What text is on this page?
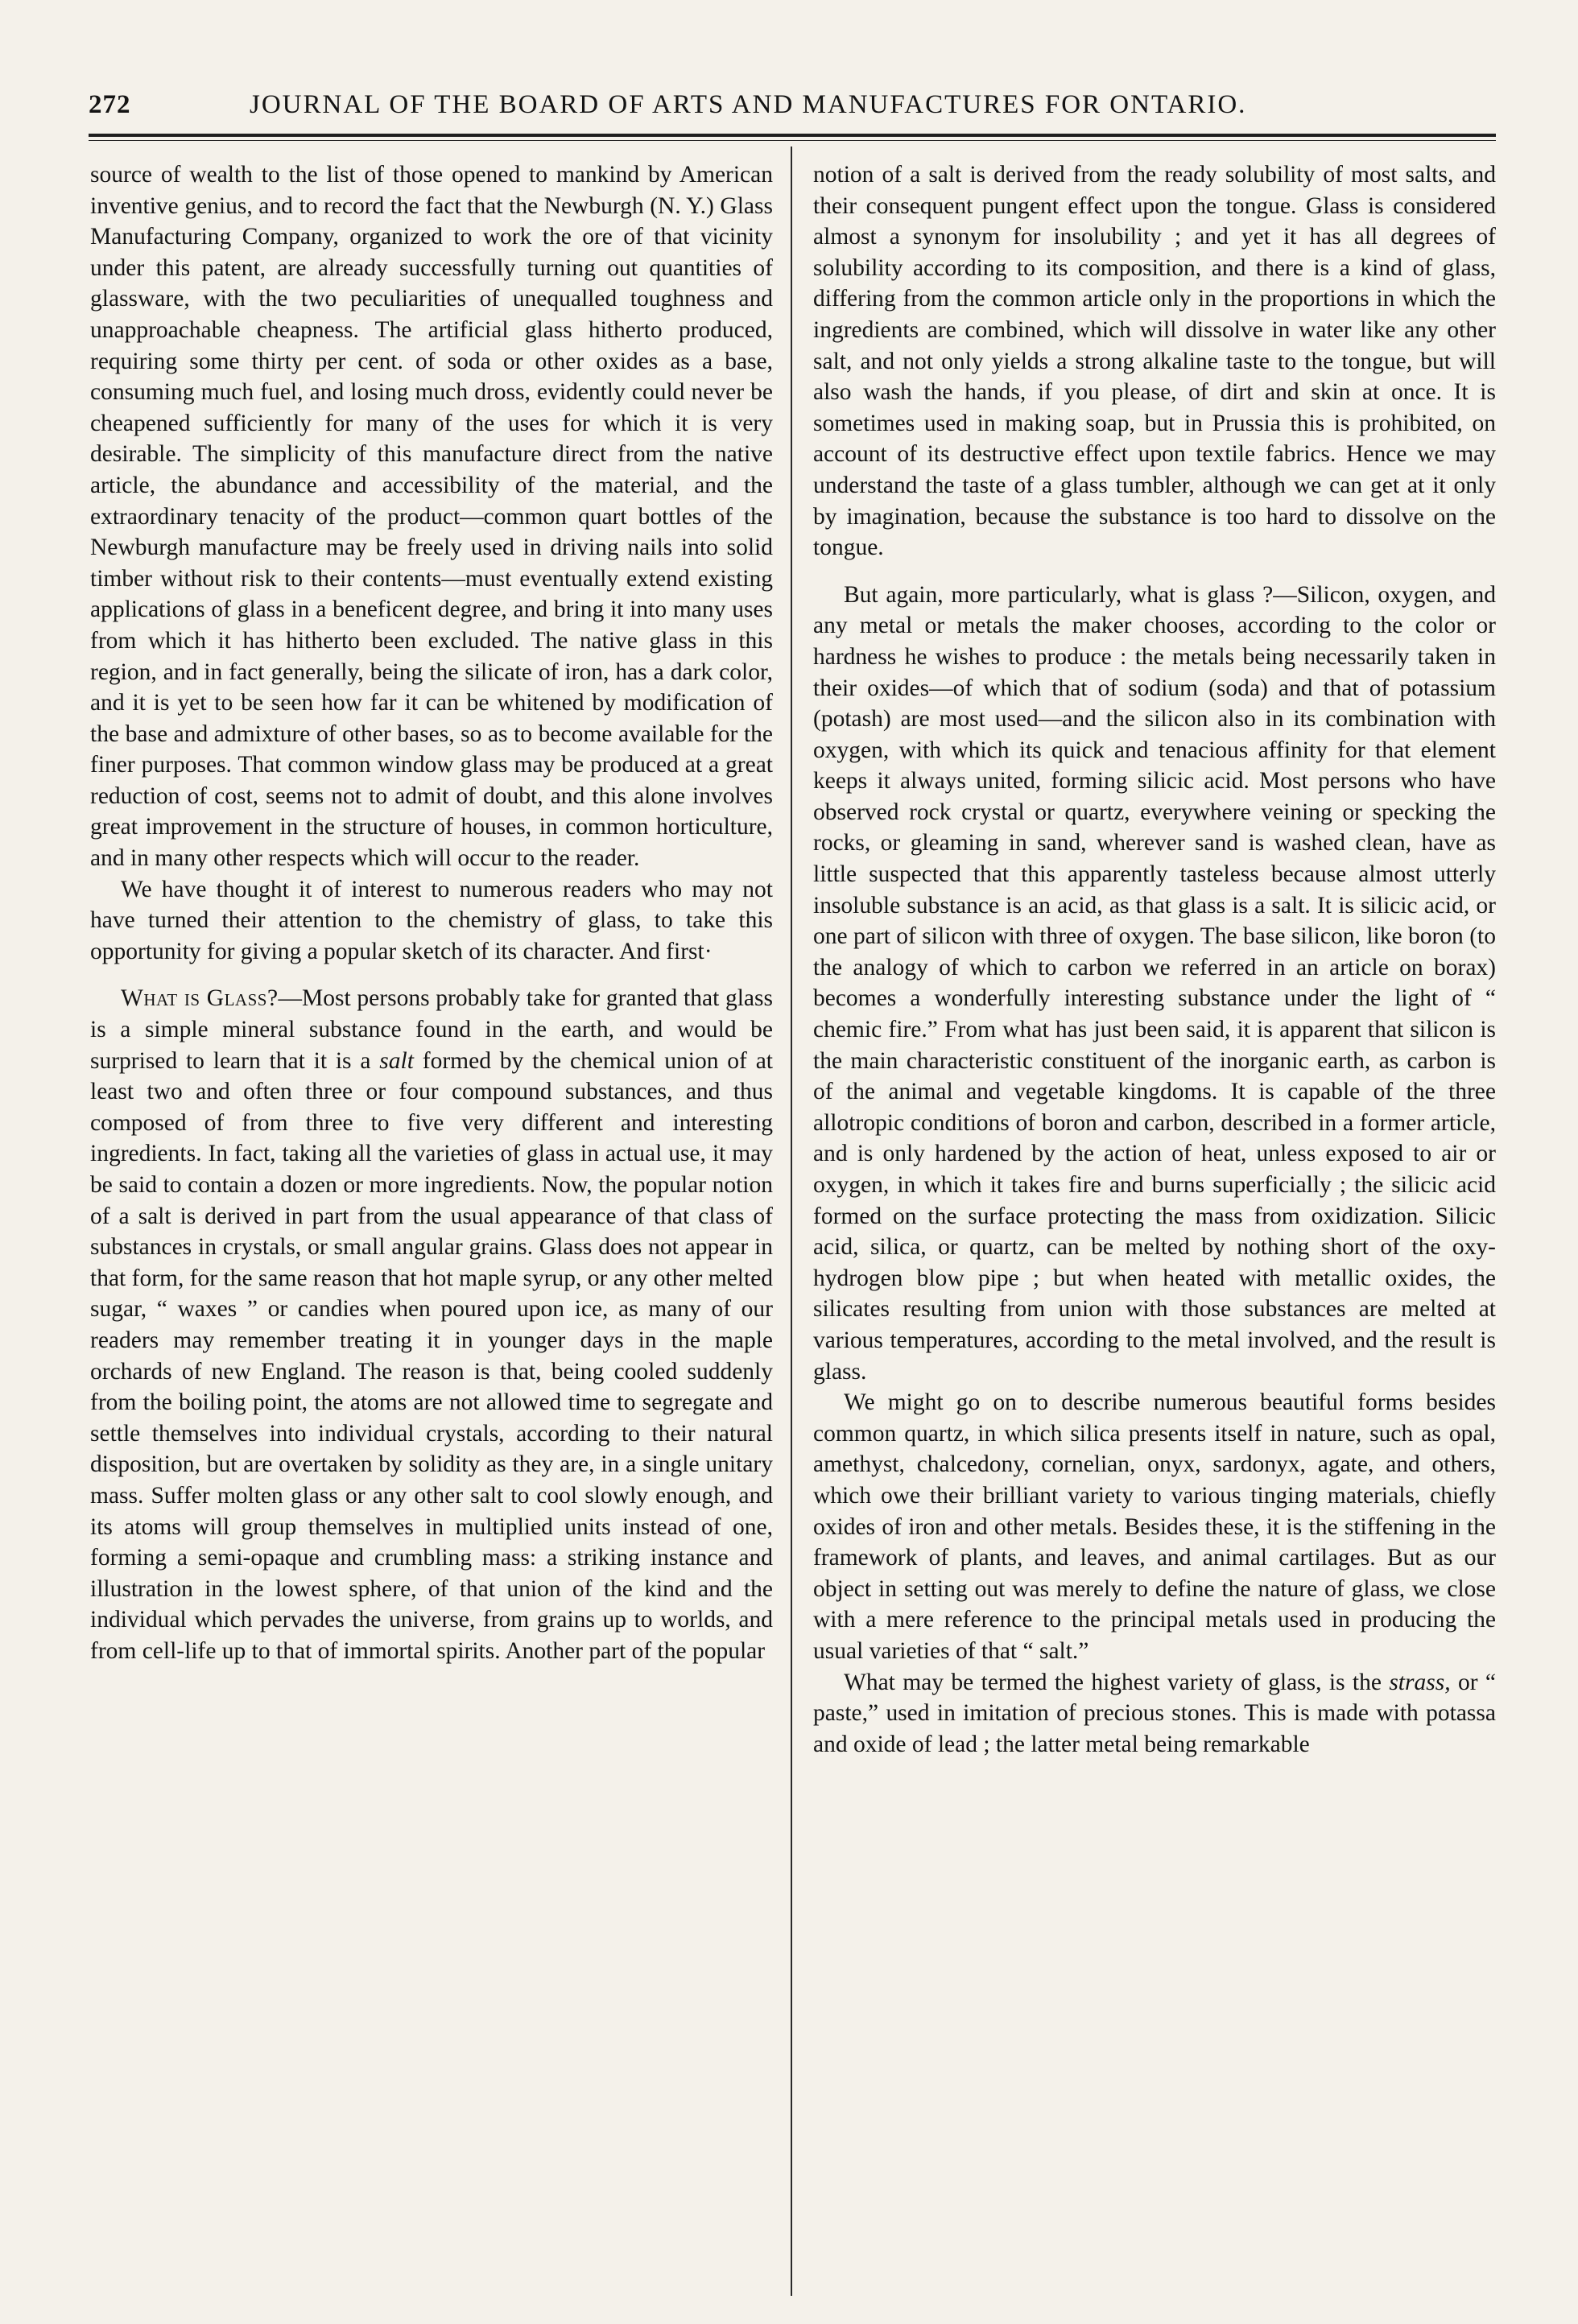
272	JOURNAL OF THE BOARD OF ARTS AND MANUFACTURES FOR ONTARIO.

source of wealth to the list of those opened to mankind by American inventive genius, and to record the fact that the Newburgh (N. Y.) Glass Manufacturing Company, organized to work the ore of that vicinity under this patent, are already successfully turning out quantities of glassware, with the two peculiarities of unequalled toughness and unapproachable cheapness. The artificial glass hitherto produced, requiring some thirty per cent. of soda or other oxides as a base, consuming much fuel, and losing much dross, evidently could never be cheapened sufficiently for many of the uses for which it is very desirable. The simplicity of this manufacture direct from the native article, the abundance and accessibility of the material, and the extraordinary tenacity of the product—common quart bottles of the Newburgh manufacture may be freely used in driving nails into solid timber without risk to their contents—must eventually extend existing applications of glass in a beneficent degree, and bring it into many uses from which it has hitherto been excluded. The native glass in this region, and in fact generally, being the silicate of iron, has a dark color, and it is yet to be seen how far it can be whitened by modification of the base and admixture of other bases, so as to become available for the finer purposes. That common window glass may be produced at a great reduction of cost, seems not to admit of doubt, and this alone involves great improvement in the structure of houses, in common horticulture, and in many other respects which will occur to the reader.

We have thought it of interest to numerous readers who may not have turned their attention to the chemistry of glass, to take this opportunity for giving a popular sketch of its character. And first·

What is Glass?—Most persons probably take for granted that glass is a simple mineral substance found in the earth, and would be surprised to learn that it is a salt formed by the chemical union of at least two and often three or four compound substances, and thus composed of from three to five very different and interesting ingredients. In fact, taking all the varieties of glass in actual use, it may be said to contain a dozen or more ingredients. Now, the popular notion of a salt is derived in part from the usual appearance of that class of substances in crystals, or small angular grains. Glass does not appear in that form, for the same reason that hot maple syrup, or any other melted sugar, “ waxes ” or candies when poured upon ice, as many of our readers may remember treating it in younger days in the maple orchards of new England. The reason is that, being cooled suddenly from the boiling point, the atoms are not allowed time to segregate and settle themselves into individual crystals, according to their natural disposition, but are overtaken by solidity as they are, in a single unitary mass. Suffer molten glass or any other salt to cool slowly enough, and its atoms will group themselves in multiplied units instead of one, forming a semi-opaque and crumbling mass: a striking instance and illustration in the lowest sphere, of that union of the kind and the individual which pervades the universe, from grains up to worlds, and from cell-life up to that of immortal spirits. Another part of the popular

notion of a salt is derived from the ready solubility of most salts, and their consequent pungent effect upon the tongue. Glass is considered almost a synonym for insolubility ; and yet it has all degrees of solubility according to its composition, and there is a kind of glass, differing from the common article only in the proportions in which the ingredients are combined, which will dissolve in water like any other salt, and not only yields a strong alkaline taste to the tongue, but will also wash the hands, if you please, of dirt and skin at once. It is sometimes used in making soap, but in Prussia this is prohibited, on account of its destructive effect upon textile fabrics. Hence we may understand the taste of a glass tumbler, although we can get at it only by imagination, because the substance is too hard to dissolve on the tongue.

But again, more particularly, what is glass ?—Silicon, oxygen, and any metal or metals the maker chooses, according to the color or hardness he wishes to produce : the metals being necessarily taken in their oxides—of which that of sodium (soda) and that of potassium (potash) are most used—and the silicon also in its combination with oxygen, with which its quick and tenacious affinity for that element keeps it always united, forming silicic acid. Most persons who have observed rock crystal or quartz, everywhere veining or specking the rocks, or gleaming in sand, wherever sand is washed clean, have as little suspected that this apparently tasteless because almost utterly insoluble substance is an acid, as that glass is a salt. It is silicic acid, or one part of silicon with three of oxygen. The base silicon, like boron (to the analogy of which to carbon we referred in an article on borax) becomes a wonderfully interesting substance under the light of “ chemic fire.” From what has just been said, it is apparent that silicon is the main characteristic constituent of the inorganic earth, as carbon is of the animal and vegetable kingdoms. It is capable of the three allotropic conditions of boron and carbon, described in a former article, and is only hardened by the action of heat, unless exposed to air or oxygen, in which it takes fire and burns superficially ; the silicic acid formed on the surface protecting the mass from oxidization. Silicic acid, silica, or quartz, can be melted by nothing short of the oxy-hydrogen blow pipe ; but when heated with metallic oxides, the silicates resulting from union with those substances are melted at various temperatures, according to the metal involved, and the result is glass.

We might go on to describe numerous beautiful forms besides common quartz, in which silica presents itself in nature, such as opal, amethyst, chalcedony, cornelian, onyx, sardonyx, agate, and others, which owe their brilliant variety to various tinging materials, chiefly oxides of iron and other metals. Besides these, it is the stiffening in the framework of plants, and leaves, and animal cartilages. But as our object in setting out was merely to define the nature of glass, we close with a mere reference to the principal metals used in producing the usual varieties of that “ salt.”

What may be termed the highest variety of glass, is the strass, or “ paste,” used in imitation of precious stones. This is made with potassa and oxide of lead ; the latter metal being remarkable
